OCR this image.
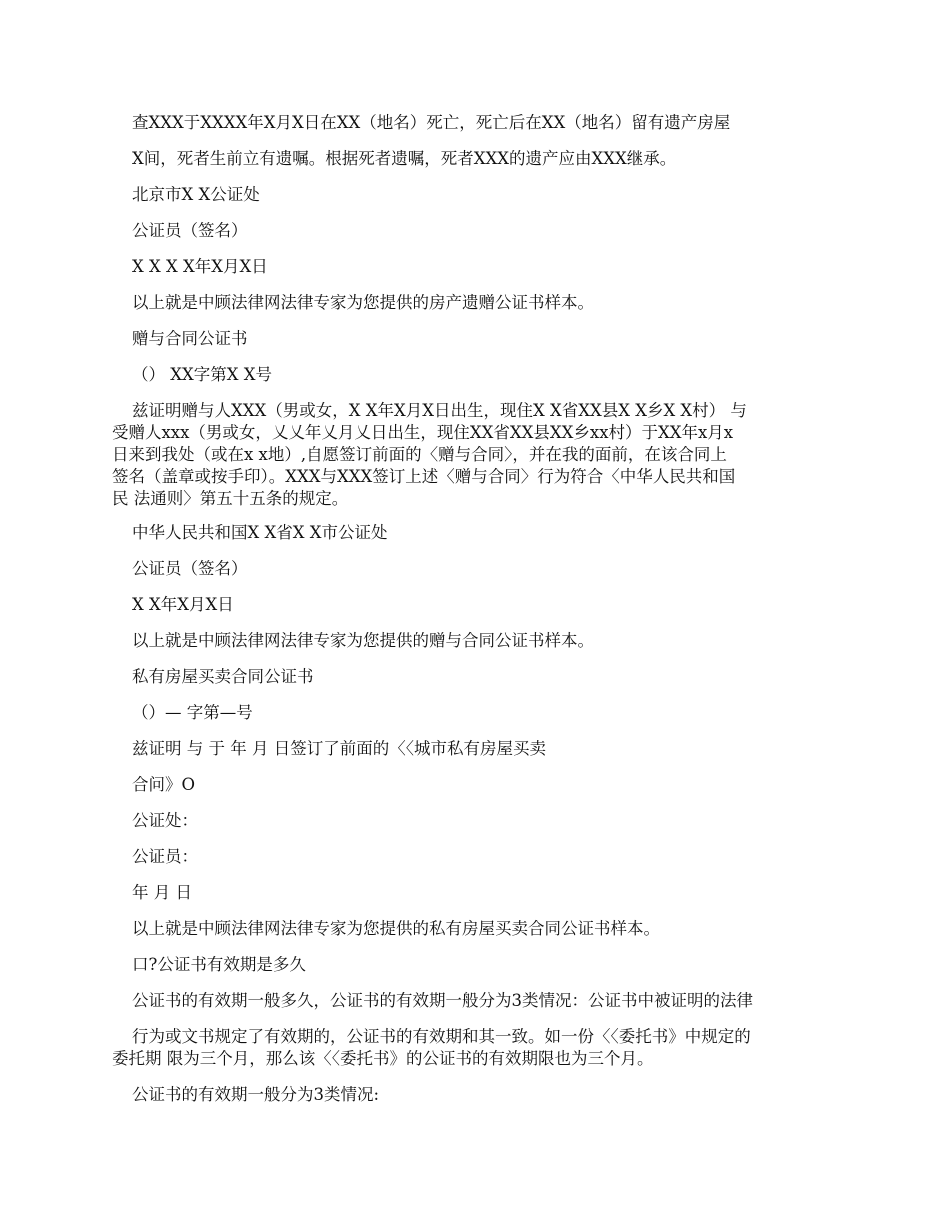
查XXX于XXXX年X月X日在XX（地名）死亡，死亡后在XX（地名）留有遗产房屋
X间，死者生前立有遗嘱。根据死者遗嘱，死者XXX的遗产应由XXX继承。
北京市X X公证处
公证员（签名）
X X X X年X月X日
以上就是中顾法律网法律专家为您提供的房产遗赠公证书样本。
赠与合同公证书
（） XX字第X X号
兹证明赠与人XXX（男或女，X X年X月X日出生，现住X X省XX县X X乡X X村） 与
受赠人xxx（男或女，乂乂年乂月乂日出生，现住XX省XX县XX乡xx村）于XX年x月x
日来到我处（或在x x地）,自愿签订前面的〈赠与合同〉，并在我的面前，在该合同上
签名（盖章或按手印）。XXX与XXX签订上述〈赠与合同〉行为符合〈中华人民共和国
民 法通则〉第五十五条的规定。
中华人民共和国X X省X X市公证处
公证员（签名）
X X年X月X日
以上就是中顾法律网法律专家为您提供的赠与合同公证书样本。
私有房屋买卖合同公证书
（）— 字第—号
兹证明 与 于 年 月 日签订了前面的〈〈城市私有房屋买卖
合问》O
公证处：
公证员：
年 月 日
以上就是中顾法律网法律专家为您提供的私有房屋买卖合同公证书样本。
口?公证书有效期是多久
公证书的有效期一般多久，公证书的有效期一般分为3类情况：公证书中被证明的法律
行为或文书规定了有效期的，公证书的有效期和其一致。如一份〈〈委托书》中规定的
委托期 限为三个月，那么该〈〈委托书》的公证书的有效期限也为三个月。
公证书的有效期一般分为3类情况:
